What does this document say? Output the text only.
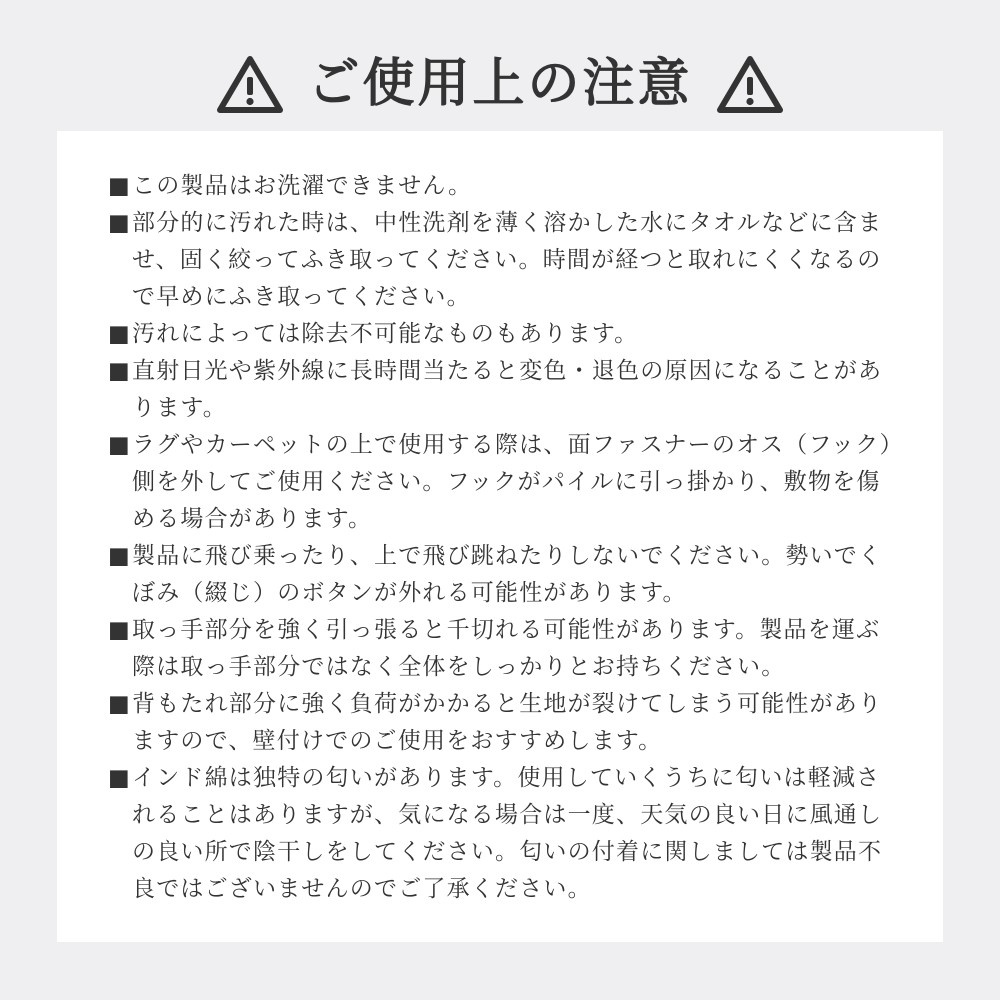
ご使用上の注意
■ この製品はお洗濯できません。
■ 部分的に汚れた時は、中性洗剤を薄く溶かした水にタオルなどに含ませ、固く絞ってふき取ってください。時間が経つと取れにくくなるので早めにふき取ってください。
■ 汚れによっては除去不可能なものもあります。
■ 直射日光や紫外線に長時間当たると変色・退色の原因になることがあります。
■ ラグやカーペットの上で使用する際は、面ファスナーのオス（フック）側を外してご使用ください。フックがパイルに引っ掛かり、敷物を傷める場合があります。
■ 製品に飛び乗ったり、上で飛び跳ねたりしないでください。勢いでくぼみ（綴じ）のボタンが外れる可能性があります。
■ 取っ手部分を強く引っ張ると千切れる可能性があります。製品を運ぶ際は取っ手部分ではなく全体をしっかりとお持ちください。
■ 背もたれ部分に強く負荷がかかると生地が裂けてしまう可能性がありますので、壁付けでのご使用をおすすめします。
■ インド綿は独特の匂いがあります。使用していくうちに匂いは軽減されることはありますが、気になる場合は一度、天気の良い日に風通しの良い所で陰干しをしてください。匂いの付着に関しましては製品不良ではございませんのでご了承ください。
